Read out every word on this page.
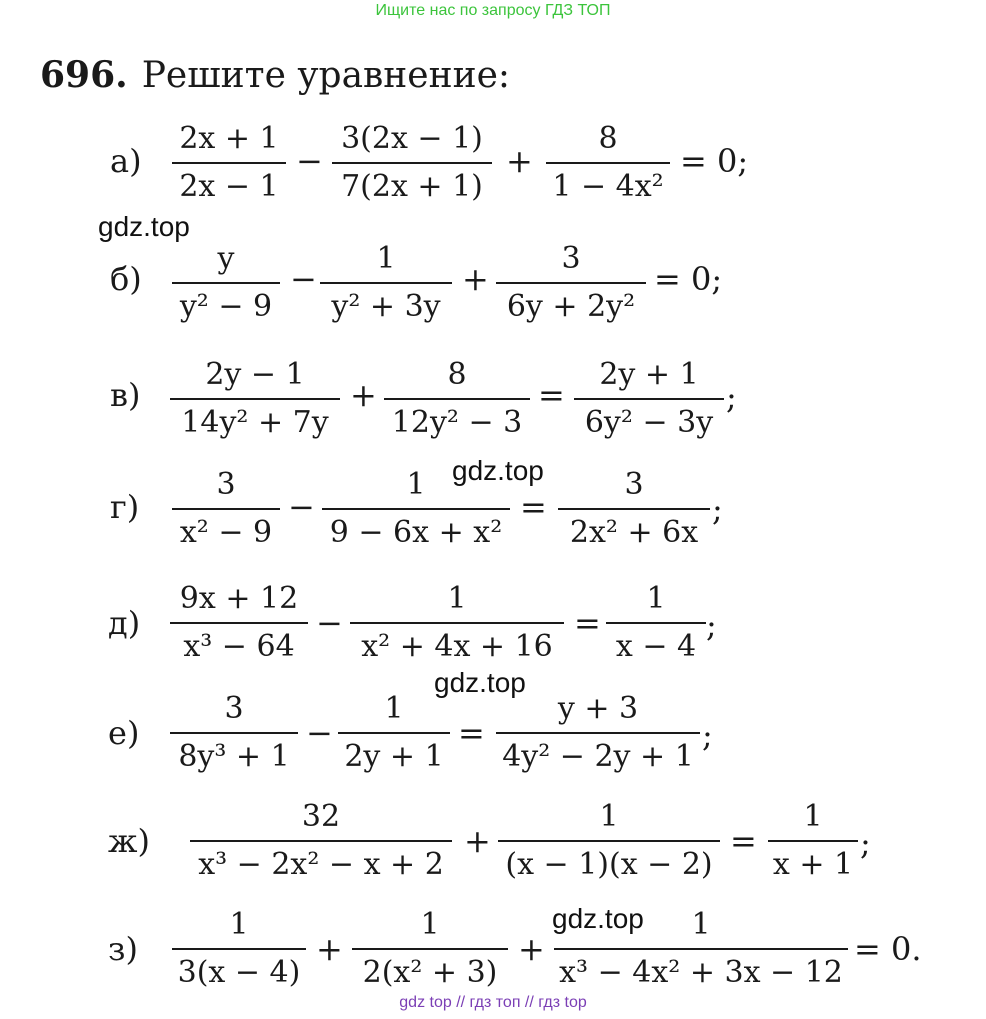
Ищите нас по запросу ГДЗ ТОП
696. Решите уравнение:
а)
2x + 1
2x − 1
−
3(2x − 1)
7(2x + 1)
+
8
1 − 4x²
= 0;
б)
y
y² − 9
−
1
y² + 3y
+
3
6y + 2y²
= 0;
в)
2y − 1
14y² + 7y
+
8
12y² − 3
=
2y + 1
6y² − 3y
;
г)
3
x² − 9
−
1
9 − 6x + x²
=
3
2x² + 6x
;
д)
9x + 12
x³ − 64
−
1
x² + 4x + 16
=
1
x − 4
;
е)
3
8y³ + 1
−
1
2y + 1
=
y + 3
4y² − 2y + 1
;
ж)
32
x³ − 2x² − x + 2
+
1
(x − 1)(x − 2)
=
1
x + 1
;
з)
1
3(x − 4)
+
1
2(x² + 3)
+
1
x³ − 4x² + 3x − 12
= 0.
gdz.top
gdz.top
gdz.top
gdz.top
gdz top // гдз топ // гдз top
